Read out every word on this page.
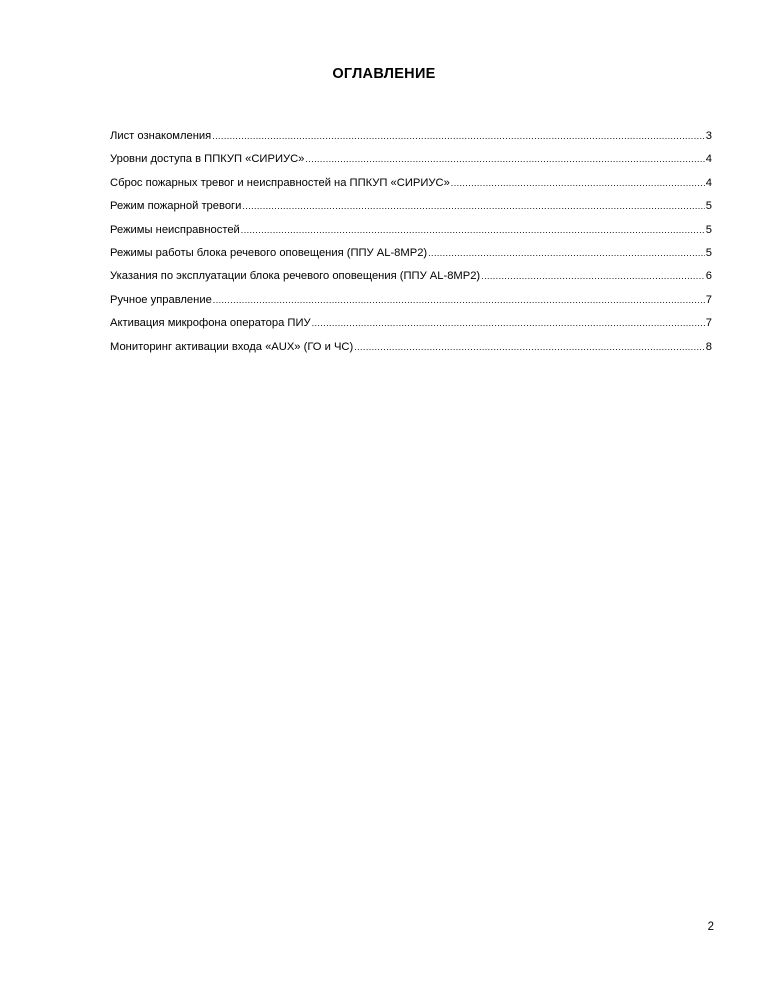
ОГЛАВЛЕНИЕ
Лист ознакомления .....	3
Уровни доступа в ППКУП «СИРИУС» .....	4
Сброс пожарных тревог и неисправностей на ППКУП «СИРИУС» .....	4
Режим пожарной тревоги .....	5
Режимы неисправностей .....	5
Режимы работы блока речевого оповещения (ППУ AL-8MP2) .....	5
Указания по эксплуатации блока речевого оповещения (ППУ AL-8MP2) .....	6
Ручное управление .....	7
Активация микрофона оператора ПИУ .....	7
Мониторинг активации входа «AUX» (ГО и ЧС) .....	8
2
